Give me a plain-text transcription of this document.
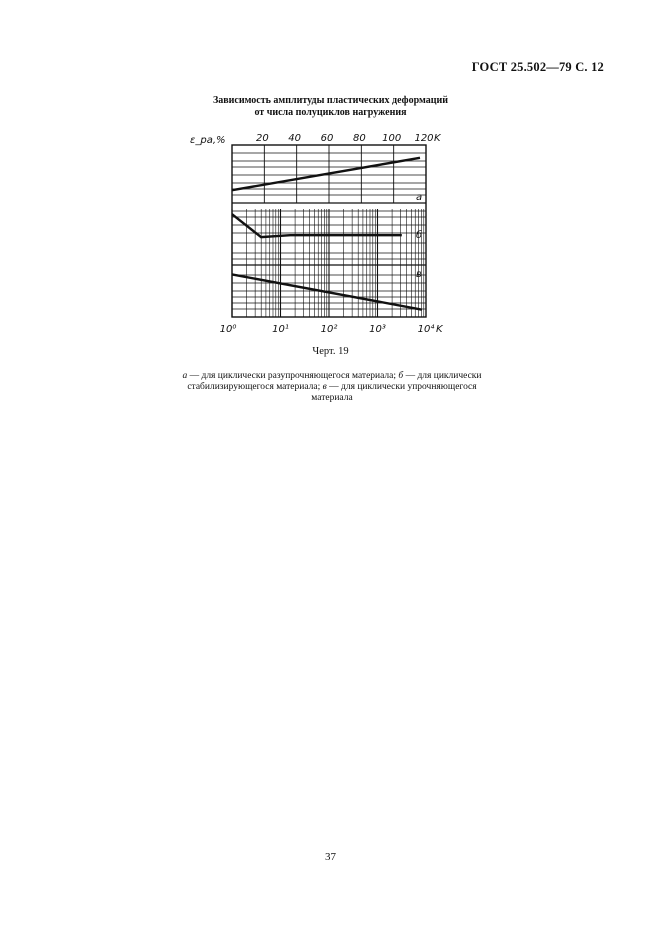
ГОСТ 25.502—79 С. 12
Зависимость амплитуды пластических деформаций
от числа полуциклов нагружения
а
б
в
ε_pa,%	20 40 60 80 100 120 K
10⁰	10¹	10²	10³	10⁴ K
Черт. 19
а — для циклически разупрочняющегося материала; б — для циклически стабилизирующегося материала; в — для циклически упрочняющегося материала
37
